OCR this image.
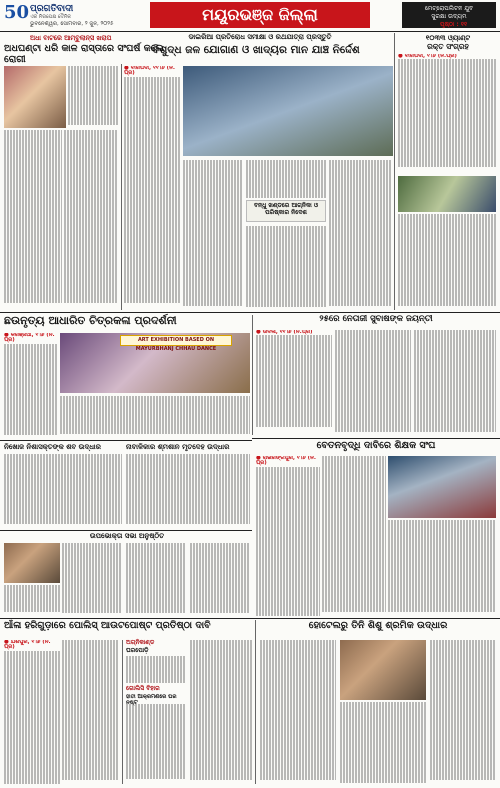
50 ପ୍ରଗତିବାଦୀ
ଏକ ନିରପେକ୍ଷ ଦୈନିକ
ଭୁବନେଶ୍ୱର, ସୋମବାର, ୨ ଜୁନ, ୨୦୨୫	ମୟୂରଭଞ୍ଜ ଜିଲ୍ଲା	ମେଟ୍ରୋପଲିଟନ ଯୁବ
ସୁରକ୍ଷା ଉଦ୍ୟମ
ପୃଷ୍ଠା : ୧୧
ଅଧା ବାଟରେ ଆମ୍ବୁଲାନ୍ସ ଖରାପ
ଅଧଘଣ୍ଟା ଧରି କାଳ ରାସ୍ତାରେ ସଂଘର୍ଷ କଲେ ରୋଗୀ
ଡାଇରିଆ ପ୍ରତିରୋଧ ସମୀକ୍ଷା ଓ ରଥଯାତ୍ରା ପ୍ରସ୍ତୁତି
ବିଶୁଦ୍ଧ ଜଳ ଯୋଗାଣ ଓ ଖାଦ୍ୟର ମାନ ଯାଞ୍ଚ ନିର୍ଦ୍ଦେଶ
● ବାରିପଦା, ୧୧।୬ (ନି.ପ୍ର)

ବନ୍ଧୁ ଖଣ୍ଡରେ ଆଗ୍ନିକା ଓ ପରିଷ୍କାର ନିଦେଶ
୧୦୩୩ ଓ୍ୟାଣ୍ଟ
ରକ୍ତ ସଂଗ୍ରହ
● ବାରିପଦା, ୧।୬ (ନି.ପ୍ର)

ଛଉନୃତ୍ୟ ଆଧାରିତ ଚିତ୍ରକଳା ପ୍ରଦର୍ଶନୀ
● କରଞ୍ଜିଆ, ୧।୬ (ନି.ପ୍ର)	ART EXHIBITION BASED ON MAYURBHANJ CHHAU DANCE
୨୫ରେ ନେତାଜୀ ସୁବାଷଙ୍କ ଜୟନ୍ତୀ
● ଉଦଳା, ୧୧।୬ (ନି.ପ୍ର)

ନିଖୋଜ ନିଶାସକ୍ତଙ୍କ ଶବ ଉଦ୍ଧାର	ନାବାଳିକାର ଶ୍ମଶାନ ମୃତଦେହ ଉଦ୍ଧାର	ବେତନବୃଦ୍ଧି ଦାବିରେ ଶିକ୍ଷକ ସଂଘ
● ରାଇରଙ୍ଗପୁର, ୧।୬ (ନି.ପ୍ର)

ଉପଭୋକ୍ତା ସଭା ଅନୁଷ୍ଠିତ
ଆଁଳା ହରିଗୁଡ଼ାରେ ପୋଲିସ୍ ଆଉଟପୋଷ୍ଟ ପ୍ରତିଷ୍ଠା ଦାବି
● ଯଶିପୁର, ୧।୬ (ନି.ପ୍ର)

ଅଗ୍ନିକାଣ୍ଡ
ଘରପୋଡ଼ି
ଗୋଲିସି ବିହାର
ହାତୀ ଆକ୍ରମଣରେ ଘର ନଷ୍ଟ
ହୋଟେଲରୁ ତିନି ଶିଶୁ ଶ୍ରମିକ ଉଦ୍ଧାର
